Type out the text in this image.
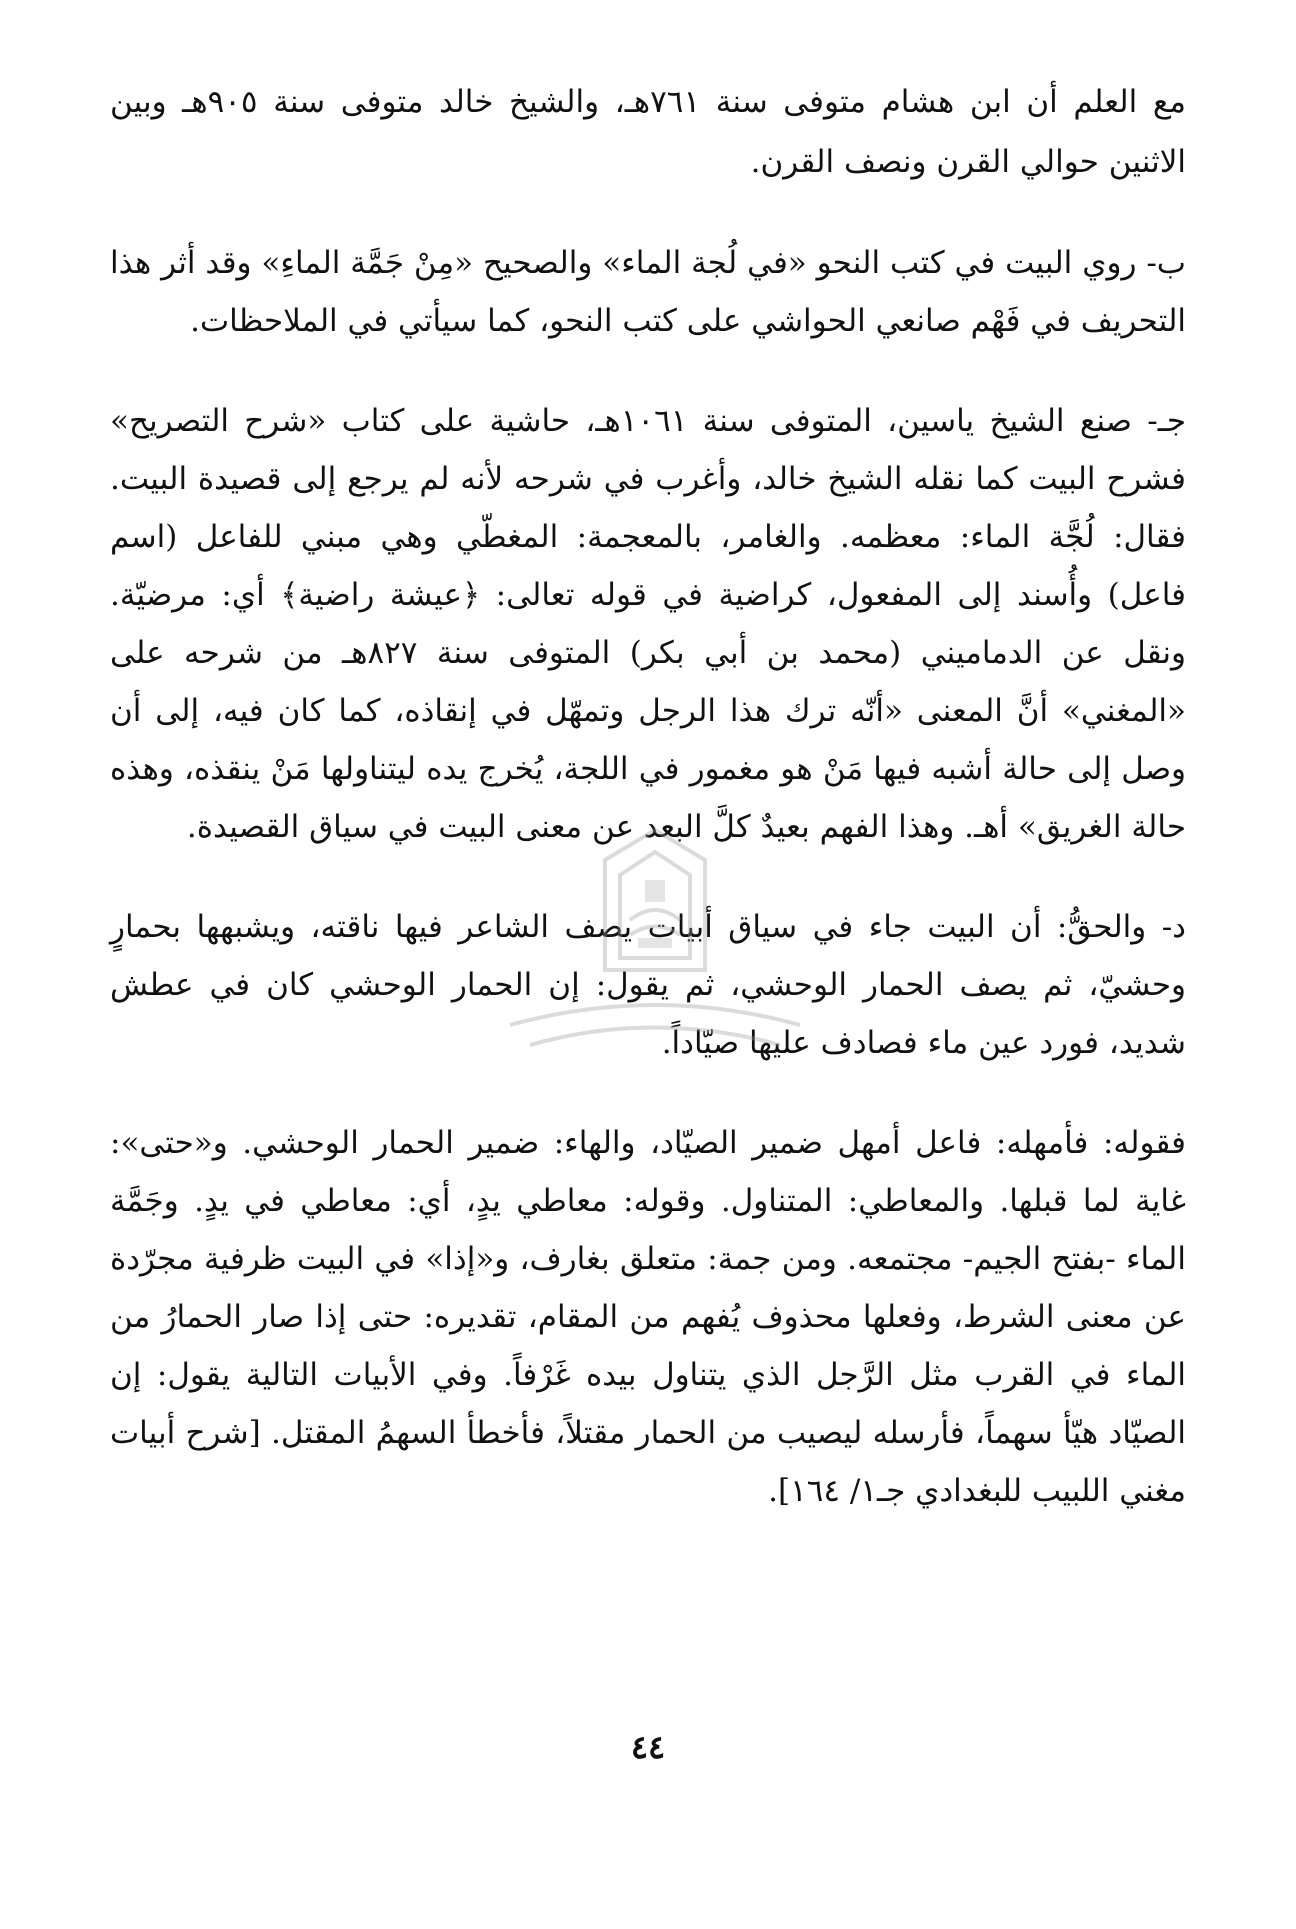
مع العلم أن ابن هشام متوفى سنة ٧٦١هـ، والشيخ خالد متوفى سنة ٩٠٥هـ وبين الاثنين حوالي القرن ونصف القرن.

ب- روي البيت في كتب النحو «في لُجة الماء» والصحيح «مِنْ جَمَّة الماءِ» وقد أثر هذا التحريف في فَهْم صانعي الحواشي على كتب النحو، كما سيأتي في الملاحظات.

جـ- صنع الشيخ ياسين، المتوفى سنة ١٠٦١هـ، حاشية على كتاب «شرح التصريح» فشرح البيت كما نقله الشيخ خالد، وأغرب في شرحه لأنه لم يرجع إلى قصيدة البيت. فقال: لُجَّة الماء: معظمه. والغامر، بالمعجمة: المغطّي وهي مبني للفاعل (اسم فاعل) وأُسند إلى المفعول، كراضية في قوله تعالى: ﴿عيشة راضية﴾ أي: مرضيّة. ونقل عن الدماميني (محمد بن أبي بكر) المتوفى سنة ٨٢٧هـ من شرحه على «المغني» أنَّ المعنى «أنّه ترك هذا الرجل وتمهّل في إنقاذه، كما كان فيه، إلى أن وصل إلى حالة أشبه فيها مَنْ هو مغمور في اللجة، يُخرج يده ليتناولها مَنْ ينقذه، وهذه حالة الغريق» أهـ. وهذا الفهم بعيدٌ كلَّ البعد عن معنى البيت في سياق القصيدة.

د- والحقُّ: أن البيت جاء في سياق أبيات يصف الشاعر فيها ناقته، ويشبهها بحمارٍ وحشيّ، ثم يصف الحمار الوحشي، ثم يقول: إن الحمار الوحشي كان في عطش شديد، فورد عين ماء فصادف عليها صيّاداً.

فقوله: فأمهله: فاعل أمهل ضمير الصيّاد، والهاء: ضمير الحمار الوحشي. و«حتى»: غاية لما قبلها. والمعاطي: المتناول. وقوله: معاطي يدٍ، أي: معاطي في يدٍ. وجَمَّة الماء -بفتح الجيم- مجتمعه. ومن جمة: متعلق بغارف، و«إذا» في البيت ظرفية مجرّدة عن معنى الشرط، وفعلها محذوف يُفهم من المقام، تقديره: حتى إذا صار الحمارُ من الماء في القرب مثل الرَّجل الذي يتناول بيده غَرْفاً. وفي الأبيات التالية يقول: إن الصيّاد هيّأ سهماً، فأرسله ليصيب من الحمار مقتلاً، فأخطأ السهمُ المقتل. [شرح أبيات مغني اللبيب للبغدادي جـ١/ ١٦٤].

٤٤
